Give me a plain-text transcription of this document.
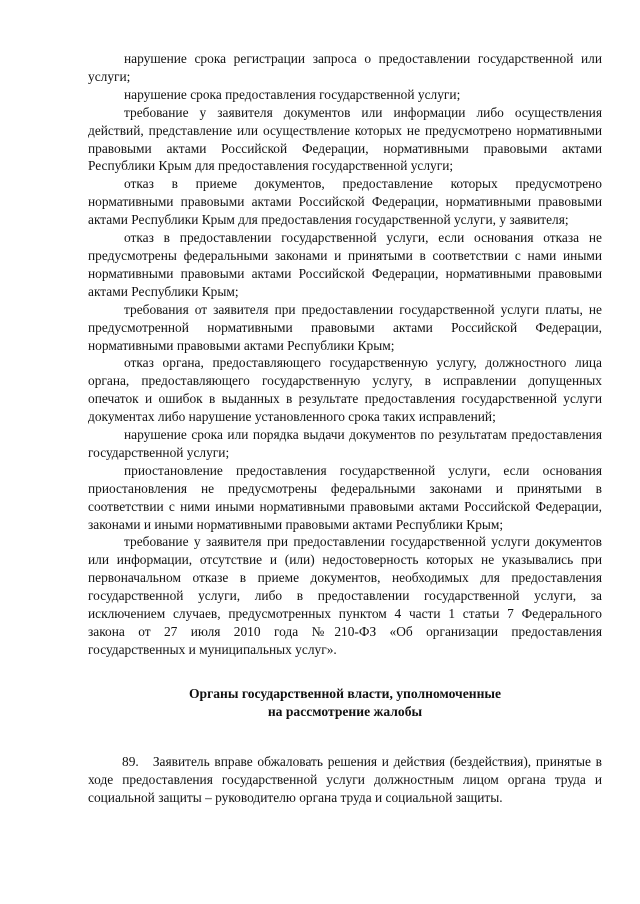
нарушение срока регистрации запроса о предоставлении государственной или услуги;

нарушение срока предоставления государственной услуги;

требование у заявителя документов или информации либо осуществления действий, представление или осуществление которых не предусмотрено нормативными правовыми актами Российской Федерации, нормативными правовыми актами Республики Крым для предоставления государственной услуги;

отказ в приеме документов, предоставление которых предусмотрено нормативными правовыми актами Российской Федерации, нормативными правовыми актами Республики Крым для предоставления государственной услуги, у заявителя;

отказ в предоставлении государственной услуги, если основания отказа не предусмотрены федеральными законами и принятыми в соответствии с нами иными нормативными правовыми актами Российской Федерации, нормативными правовыми актами Республики Крым;

требования от заявителя при предоставлении государственной услуги платы, не предусмотренной нормативными правовыми актами Российской Федерации, нормативными правовыми актами Республики Крым;

отказ органа, предоставляющего государственную услугу, должностного лица органа, предоставляющего государственную услугу, в исправлении допущенных опечаток и ошибок в выданных в результате предоставления государственной услуги документах либо нарушение установленного срока таких исправлений;

нарушение срока или порядка выдачи документов по результатам предоставления государственной услуги;

приостановление предоставления государственной услуги, если основания приостановления не предусмотрены федеральными законами и принятыми в соответствии с ними иными нормативными правовыми актами Российской Федерации, законами и иными нормативными правовыми актами Республики Крым;

требование у заявителя при предоставлении государственной услуги документов или информации, отсутствие и (или) недостоверность которых не указывались при первоначальном отказе в приеме документов, необходимых для предоставления государственной услуги, либо в предоставлении государственной услуги, за исключением случаев, предусмотренных пунктом 4 части 1 статьи 7 Федерального закона от 27 июля 2010 года №210-ФЗ «Об организации предоставления государственных и муниципальных услуг».

Органы государственной власти, уполномоченные
на рассмотрение жалобы

89.   Заявитель вправе обжаловать решения и действия (бездействия), принятые в ходе предоставления государственной услуги должностным лицом органа труда и социальной защиты – руководителю органа труда и социальной защиты.
